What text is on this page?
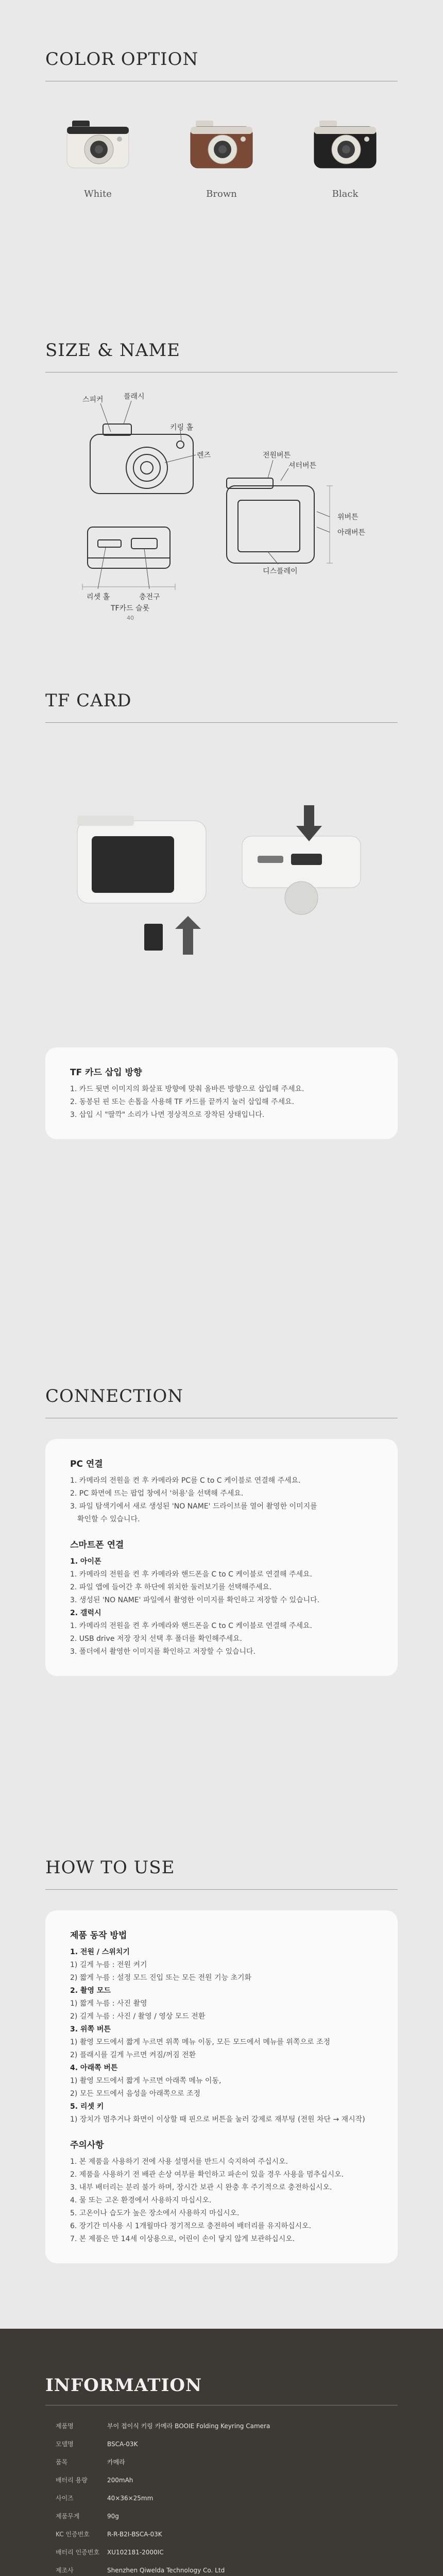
COLOR OPTION
White	Brown	Black
SIZE & NAME
스피커	플래시
키링 홀
렌즈	전원버튼
셔터버튼
위버튼
아래버튼
디스플레이
리셋 홀	충전구
TF카드 슬롯
40
TF CARD
TF 카드 삽입 방향
1. 카드 뒷면 이미지의 화살표 방향에 맞춰 올바른 방향으로 삽입해 주세요.
2. 동봉된 핀 또는 손톱을 사용해 TF 카드를 끝까지 눌러 삽입해 주세요.
3. 삽입 시 "딸깍" 소리가 나면 정상적으로 장착된 상태입니다.
CONNECTION
PC 연결
1. 카메라의 전원을 켠 후 카메라와 PC를 C to C 케이블로 연결해 주세요.
2. PC 화면에 뜨는 팝업 창에서 '허용'을 선택해 주세요.
3. 파일 탐색기에서 새로 생성된 'NO NAME' 드라이브를 열어 촬영한 이미지를
확인할 수 있습니다.
스마트폰 연결
1. 아이폰
1. 카메라의 전원을 켠 후 카메라와 핸드폰을 C to C 케이블로 연결해 주세요.
2. 파일 앱에 들어간 후 하단에 위치한 둘러보기를 선택해주세요.
3. 생성된 'NO NAME' 파일에서 촬영한 이미지를 확인하고 저장할 수 있습니다.
2. 갤럭시
1. 카메라의 전원을 켠 후 카메라와 핸드폰을 C to C 케이블로 연결해 주세요.
2. USB drive 저장 장치 선택 후 폴더를 확인해주세요.
3. 폴더에서 촬영한 이미지를 확인하고 저장할 수 있습니다.
HOW TO USE
제품 동작 방법
1. 전원 / 스위치기
1) 길게 누름 : 전원 켜기
2) 짧게 누름 : 설정 모드 진입 또는 모든 전원 기능 초기화
2. 촬영 모드
1) 짧게 누름 : 사진 촬영
2) 길게 누름 : 사진 / 촬영 / 영상 모드 전환
3. 위쪽 버튼
1) 촬영 모드에서 짧게 누르면 위쪽 메뉴 이동, 모든 모드에서 메뉴를 위쪽으로 조정
2) 플래시를 길게 누르면 켜짐/꺼짐 전환
4. 아래쪽 버튼
1) 촬영 모드에서 짧게 누르면 아래쪽 메뉴 이동,
2) 모든 모드에서 음성을 아래쪽으로 조정
5. 리셋 키
1) 장치가 멈추거나 화면이 이상할 때 핀으로 버튼을 눌러 강제로 재부팅 (전원 차단 → 재시작)
주의사항
1. 본 제품을 사용하기 전에 사용 설명서를 반드시 숙지하여 주십시오.
2. 제품을 사용하기 전 배관 손상 여부를 확인하고 파손이 있을 경우 사용을 멈추십시오.
3. 내부 배터리는 분리 불가 하며, 장시간 보관 시 완충 후 주기적으로 충전하십시오.
4. 물 또는 고온 환경에서 사용하지 마십시오.
5. 고온이나 습도가 높은 장소에서 사용하지 마십시오.
6. 장기간 미사용 시 1개월마다 정기적으로 충전하여 배터리를 유지하십시오.
7. 본 제품은 만 14세 이상용으로, 어린이 손이 닿지 않게 보관하십시오.
INFORMATION
제품명	부이 접이식 키링 카메라 BOOIE Folding Keyring Camera
모델명	BSCA-03K
품목	카메라
배터리 용량	200mAh
사이즈	40×36×25mm
제품무게	90g
KC 인증번호	R-R-B2I-BSCA-03K
배터리 인증번호	XU102181-2000IC
제조사	Shenzhen Qiwelda Technology Co. Ltd
